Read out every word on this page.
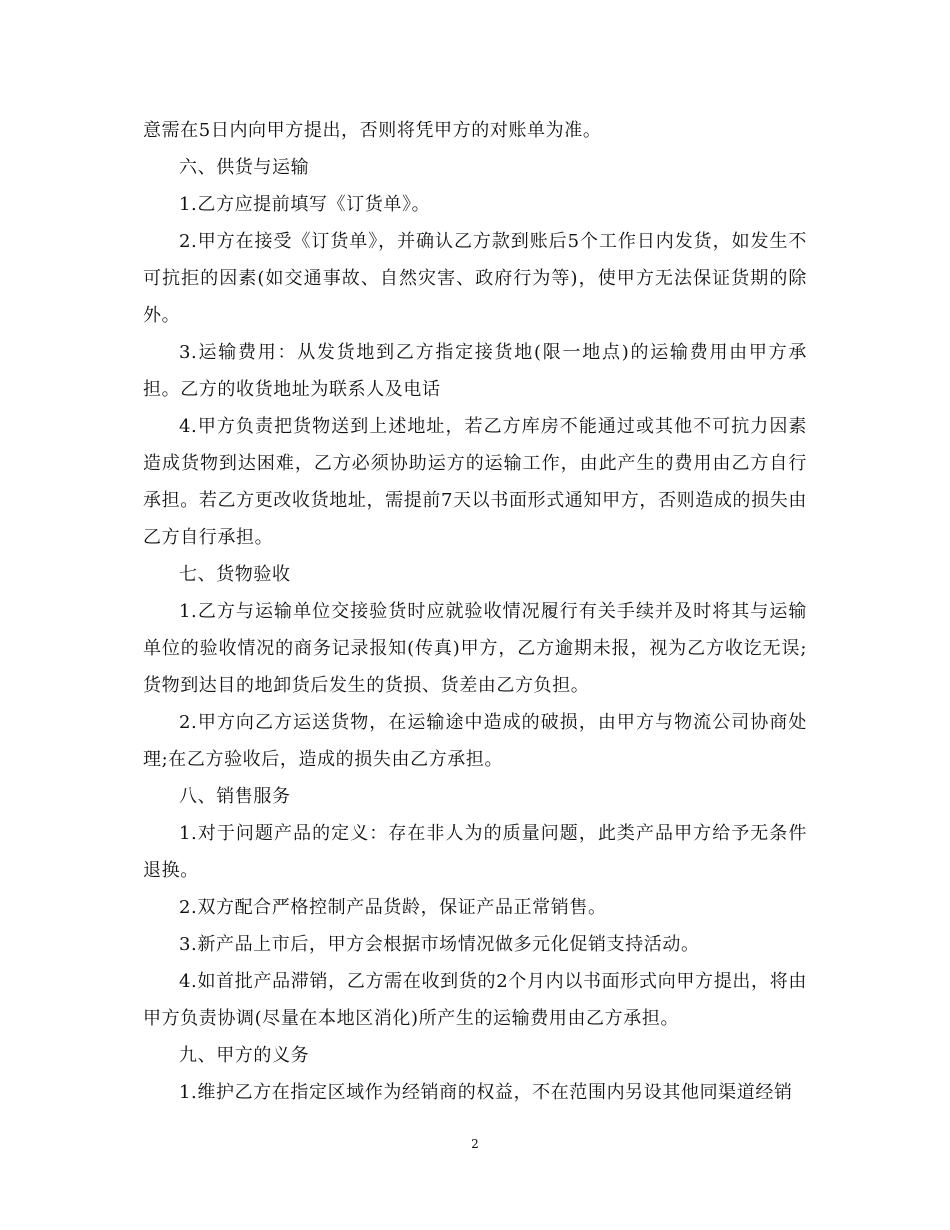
意需在5日内向甲方提出，否则将凭甲方的对账单为准。

六、供货与运输

1.乙方应提前填写《订货单》。

2.甲方在接受《订货单》，并确认乙方款到账后5个工作日内发货，如发生不可抗拒的因素(如交通事故、自然灾害、政府行为等)，使甲方无法保证货期的除外。

3.运输费用：从发货地到乙方指定接货地(限一地点)的运输费用由甲方承担。乙方的收货地址为联系人及电话

4.甲方负责把货物送到上述地址，若乙方库房不能通过或其他不可抗力因素造成货物到达困难，乙方必须协助运方的运输工作，由此产生的费用由乙方自行承担。若乙方更改收货地址，需提前7天以书面形式通知甲方，否则造成的损失由乙方自行承担。

七、货物验收

1.乙方与运输单位交接验货时应就验收情况履行有关手续并及时将其与运输单位的验收情况的商务记录报知(传真)甲方，乙方逾期未报，视为乙方收讫无误;货物到达目的地卸货后发生的货损、货差由乙方负担。

2.甲方向乙方运送货物，在运输途中造成的破损，由甲方与物流公司协商处理;在乙方验收后，造成的损失由乙方承担。

八、销售服务

1.对于问题产品的定义：存在非人为的质量问题，此类产品甲方给予无条件退换。

2.双方配合严格控制产品货龄，保证产品正常销售。

3.新产品上市后，甲方会根据市场情况做多元化促销支持活动。

4.如首批产品滞销，乙方需在收到货的2个月内以书面形式向甲方提出，将由甲方负责协调(尽量在本地区消化)所产生的运输费用由乙方承担。

九、甲方的义务

1.维护乙方在指定区域作为经销商的权益，不在范围内另设其他同渠道经销

2
